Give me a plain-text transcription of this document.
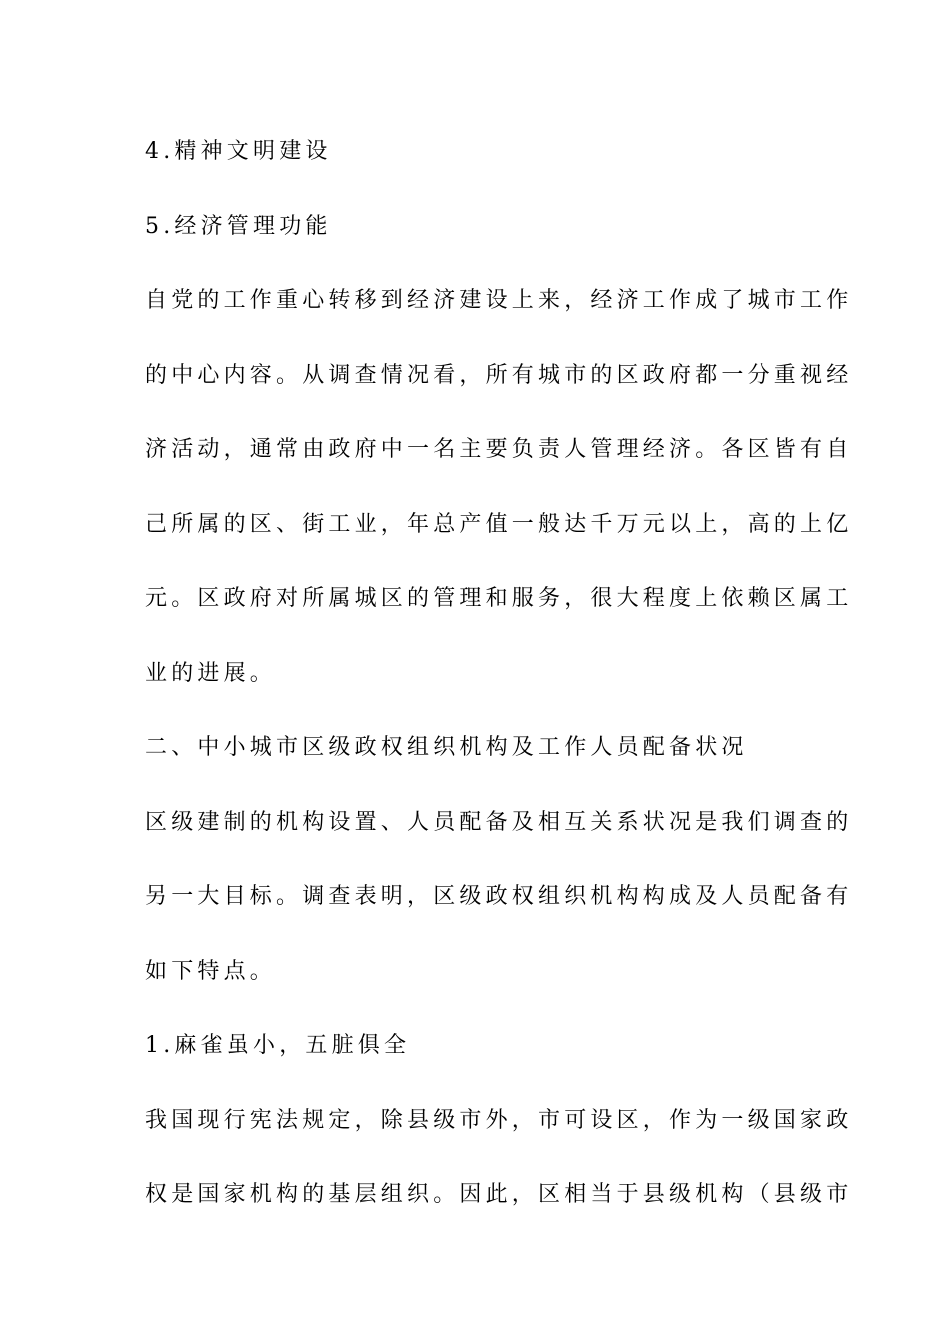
4.精神文明建设
5.经济管理功能
自党的工作重心转移到经济建设上来，经济工作成了城市工作
的中心内容。从调查情况看，所有城市的区政府都一分重视经
济活动，通常由政府中一名主要负责人管理经济。各区皆有自
己所属的区、街工业，年总产值一般达千万元以上，高的上亿
元。区政府对所属城区的管理和服务，很大程度上依赖区属工
业的进展。
二、中小城市区级政权组织机构及工作人员配备状况
区级建制的机构设置、人员配备及相互关系状况是我们调查的
另一大目标。调查表明，区级政权组织机构构成及人员配备有
如下特点。
1.麻雀虽小，五脏俱全
我国现行宪法规定，除县级市外，市可设区，作为一级国家政
权是国家机构的基层组织。因此，区相当于县级机构（县级市
